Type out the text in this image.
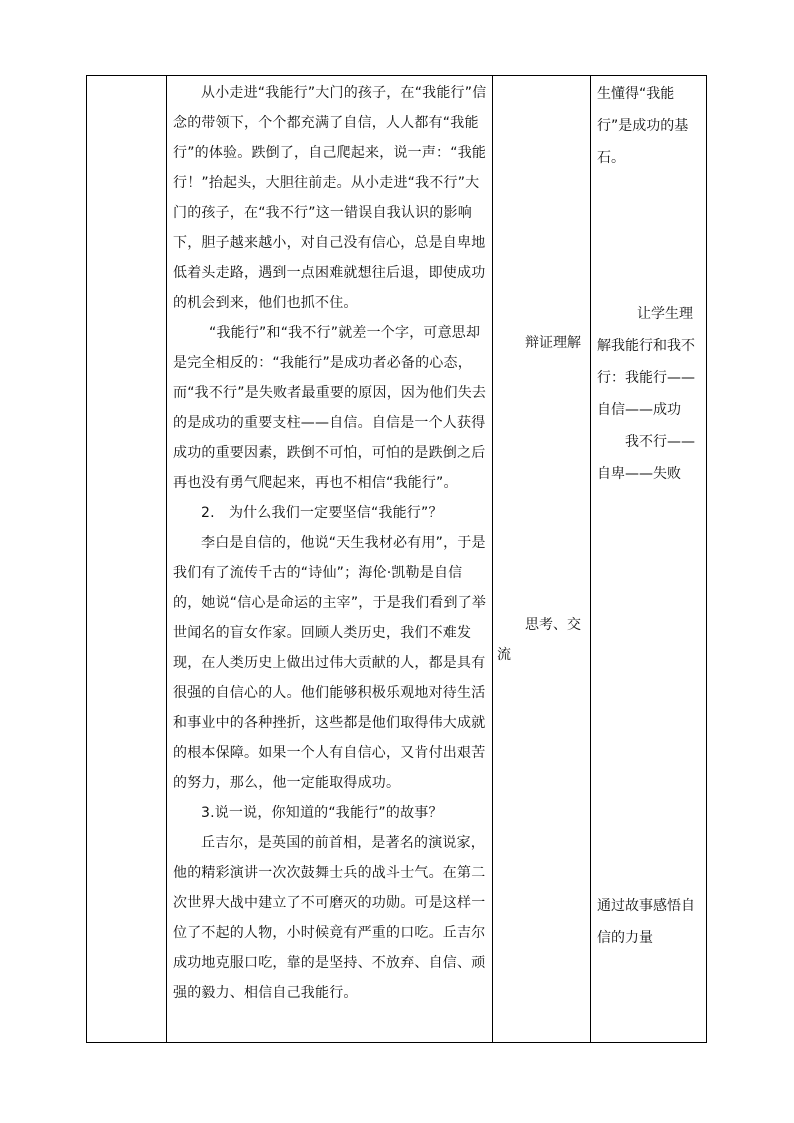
从小走进“我能行”大门的孩子，在“我能行”信念的带领下，个个都充满了自信，人人都有“我能行”的体验。跌倒了，自己爬起来，说一声：“我能行！”抬起头，大胆往前走。从小走进“我不行”大门的孩子，在“我不行”这一错误自我认识的影响下，胆子越来越小，对自己没有信心，总是自卑地低着头走路，遇到一点困难就想往后退，即使成功的机会到来，他们也抓不住。

“我能行”和“我不行”就差一个字，可意思却是完全相反的：“我能行”是成功者必备的心态，而“我不行”是失败者最重要的原因，因为他们失去的是成功的重要支柱——自信。自信是一个人获得成功的重要因素，跌倒不可怕，可怕的是跌倒之后再也没有勇气爬起来，再也不相信“我能行”。

2.　为什么我们一定要坚信“我能行”？

李白是自信的，他说“天生我材必有用”，于是我们有了流传千古的“诗仙”；海伦·凯勒是自信的，她说“信心是命运的主宰”，于是我们看到了举世闻名的盲女作家。回顾人类历史，我们不难发现，在人类历史上做出过伟大贡献的人，都是具有很强的自信心的人。他们能够积极乐观地对待生活和事业中的各种挫折，这些都是他们取得伟大成就的根本保障。如果一个人有自信心，又肯付出艰苦的努力，那么，他一定能取得成功。

3.说一说，你知道的“我能行”的故事？

丘吉尔，是英国的前首相，是著名的演说家，他的精彩演讲一次次鼓舞士兵的战斗士气。在第二次世界大战中建立了不可磨灭的功勋。可是这样一位了不起的人物，小时候竟有严重的口吃。丘吉尔成功地克服口吃，靠的是坚持、不放弃、自信、顽强的毅力、相信自己我能行。

辩证理解
思考、交流

生懂得“我能行”是成功的基石。

让学生理解我能行和我不行：我能行——自信——成功

我不行——自卑——失败

通过故事感悟自信的力量
